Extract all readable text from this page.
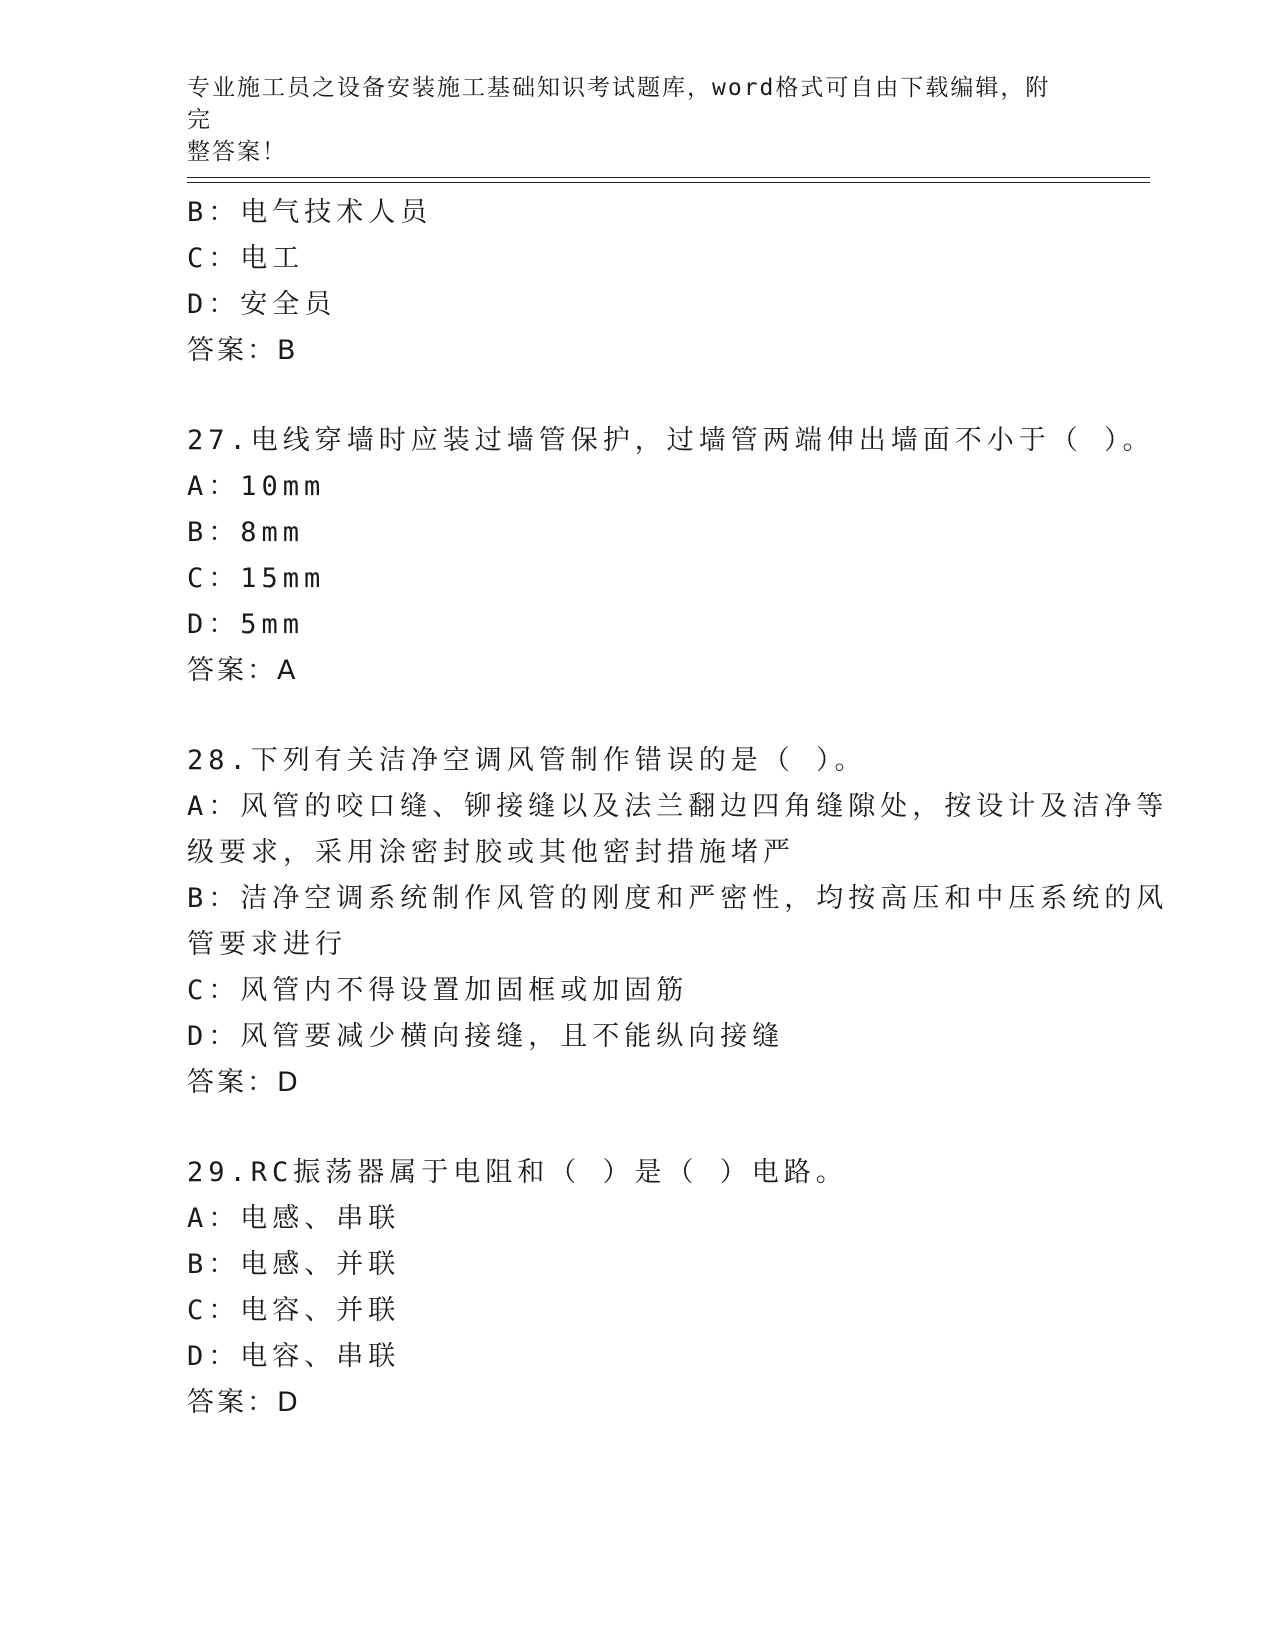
专业施工员之设备安装施工基础知识考试题库，word格式可自由下载编辑，附完
整答案！
B：电气技术人员
C：电工
D：安全员
答案：B
27.电线穿墙时应装过墙管保护，过墙管两端伸出墙面不小于（ ）。
A：10mm
B：8mm
C：15mm
D：5mm
答案：A
28.下列有关洁净空调风管制作错误的是（ ）。
A：风管的咬口缝、铆接缝以及法兰翻边四角缝隙处，按设计及洁净等
级要求，采用涂密封胶或其他密封措施堵严
B：洁净空调系统制作风管的刚度和严密性，均按高压和中压系统的风
管要求进行
C：风管内不得设置加固框或加固筋
D：风管要减少横向接缝，且不能纵向接缝
答案：D
29.RC振荡器属于电阻和（ ）是（ ）电路。
A：电感、串联
B：电感、并联
C：电容、并联
D：电容、串联
答案：D
